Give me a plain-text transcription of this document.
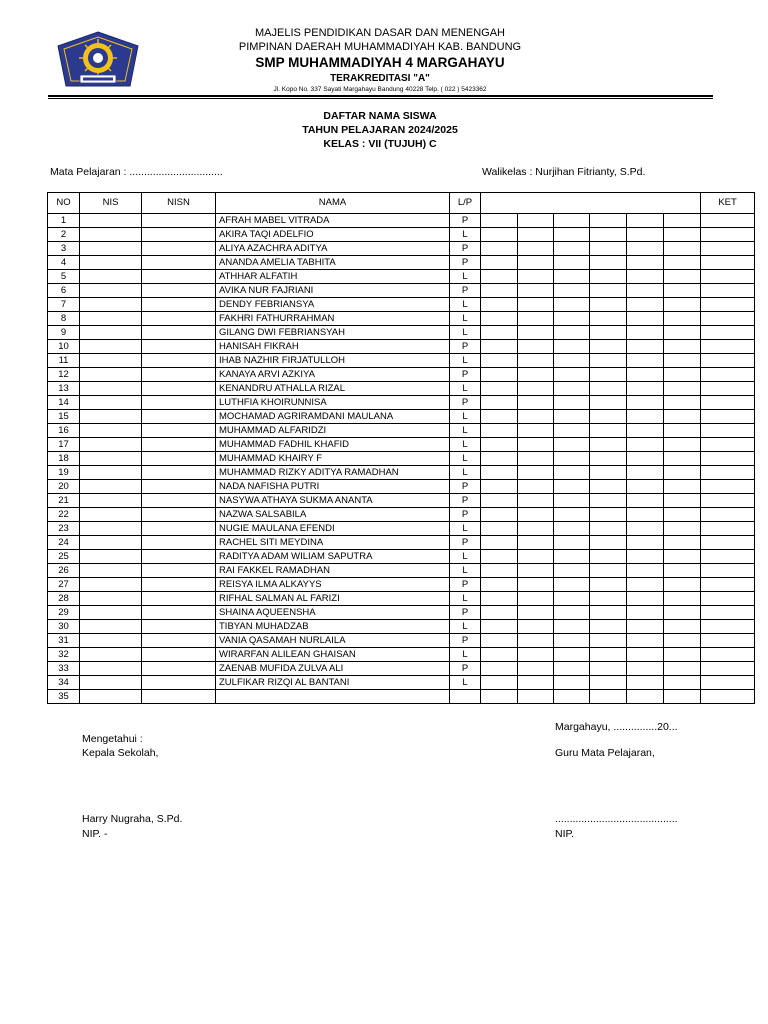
MAJELIS PENDIDIKAN DASAR DAN MENENGAH
PIMPINAN DAERAH MUHAMMADIYAH KAB. BANDUNG
SMP MUHAMMADIYAH 4 MARGAHAYU
TERAKREDITASI "A"
Jl. Kopo No. 337 Sayati Margahayu Bandung 40228 Telp. ( 022 ) 5423362
DAFTAR NAMA SISWA
TAHUN PELAJARAN 2024/2025
KELAS : VII (TUJUH) C
Mata Pelajaran : ................................	Walikelas : Nurjihan Fitrianty, S.Pd.
NO	NIS	NISN	NAMA	L/P							KET
1			AFRAH MABEL VITRADA	P							
2			AKIRA TAQI ADELFIO	L							
3			ALIYA AZACHRA ADITYA	P							
4			ANANDA AMELIA TABHITA	P							
5			ATHHAR ALFATIH	L							
6			AVIKA NUR FAJRIANI	P							
7			DENDY FEBRIANSYA	L							
8			FAKHRI FATHURRAHMAN	L							
9			GILANG DWI FEBRIANSYAH	L							
10			HANISAH FIKRAH	P							
11			IHAB NAZHIR FIRJATULLOH	L							
12			KANAYA ARVI AZKIYA	P							
13			KENANDRU ATHALLA RIZAL	L							
14			LUTHFIA KHOIRUNNISA	P							
15			MOCHAMAD AGRIRAMDANI MAULANA	L							
16			MUHAMMAD ALFARIDZI	L							
17			MUHAMMAD FADHIL KHAFID	L							
18			MUHAMMAD KHAIRY F	L							
19			MUHAMMAD RIZKY ADITYA RAMADHAN	L							
20			NADA NAFISHA PUTRI	P							
21			NASYWA ATHAYA SUKMA ANANTA	P							
22			NAZWA SALSABILA	P							
23			NUGIE MAULANA EFENDI	L							
24			RACHEL SITI MEYDINA	P							
25			RADITYA ADAM WILIAM SAPUTRA	L							
26			RAI FAKKEL RAMADHAN	L							
27			REISYA ILMA ALKAYYS	P							
28			RIFHAL SALMAN AL FARIZI	L							
29			SHAINA AQUEENSHA	P							
30			TIBYAN MUHADZAB	L							
31			VANIA QASAMAH NURLAILA	P							
32			WIRARFAN ALILEAN GHAISAN	L							
33			ZAENAB MUFIDA ZULVA ALI	P							
34			ZULFIKAR RIZQI AL BANTANI	L							
35											
Margahayu, ...............20...
Mengetahui :
Kepala Sekolah,	Guru Mata Pelajaran,
Harry Nugraha, S.Pd.
NIP. -
..........................................
NIP.
